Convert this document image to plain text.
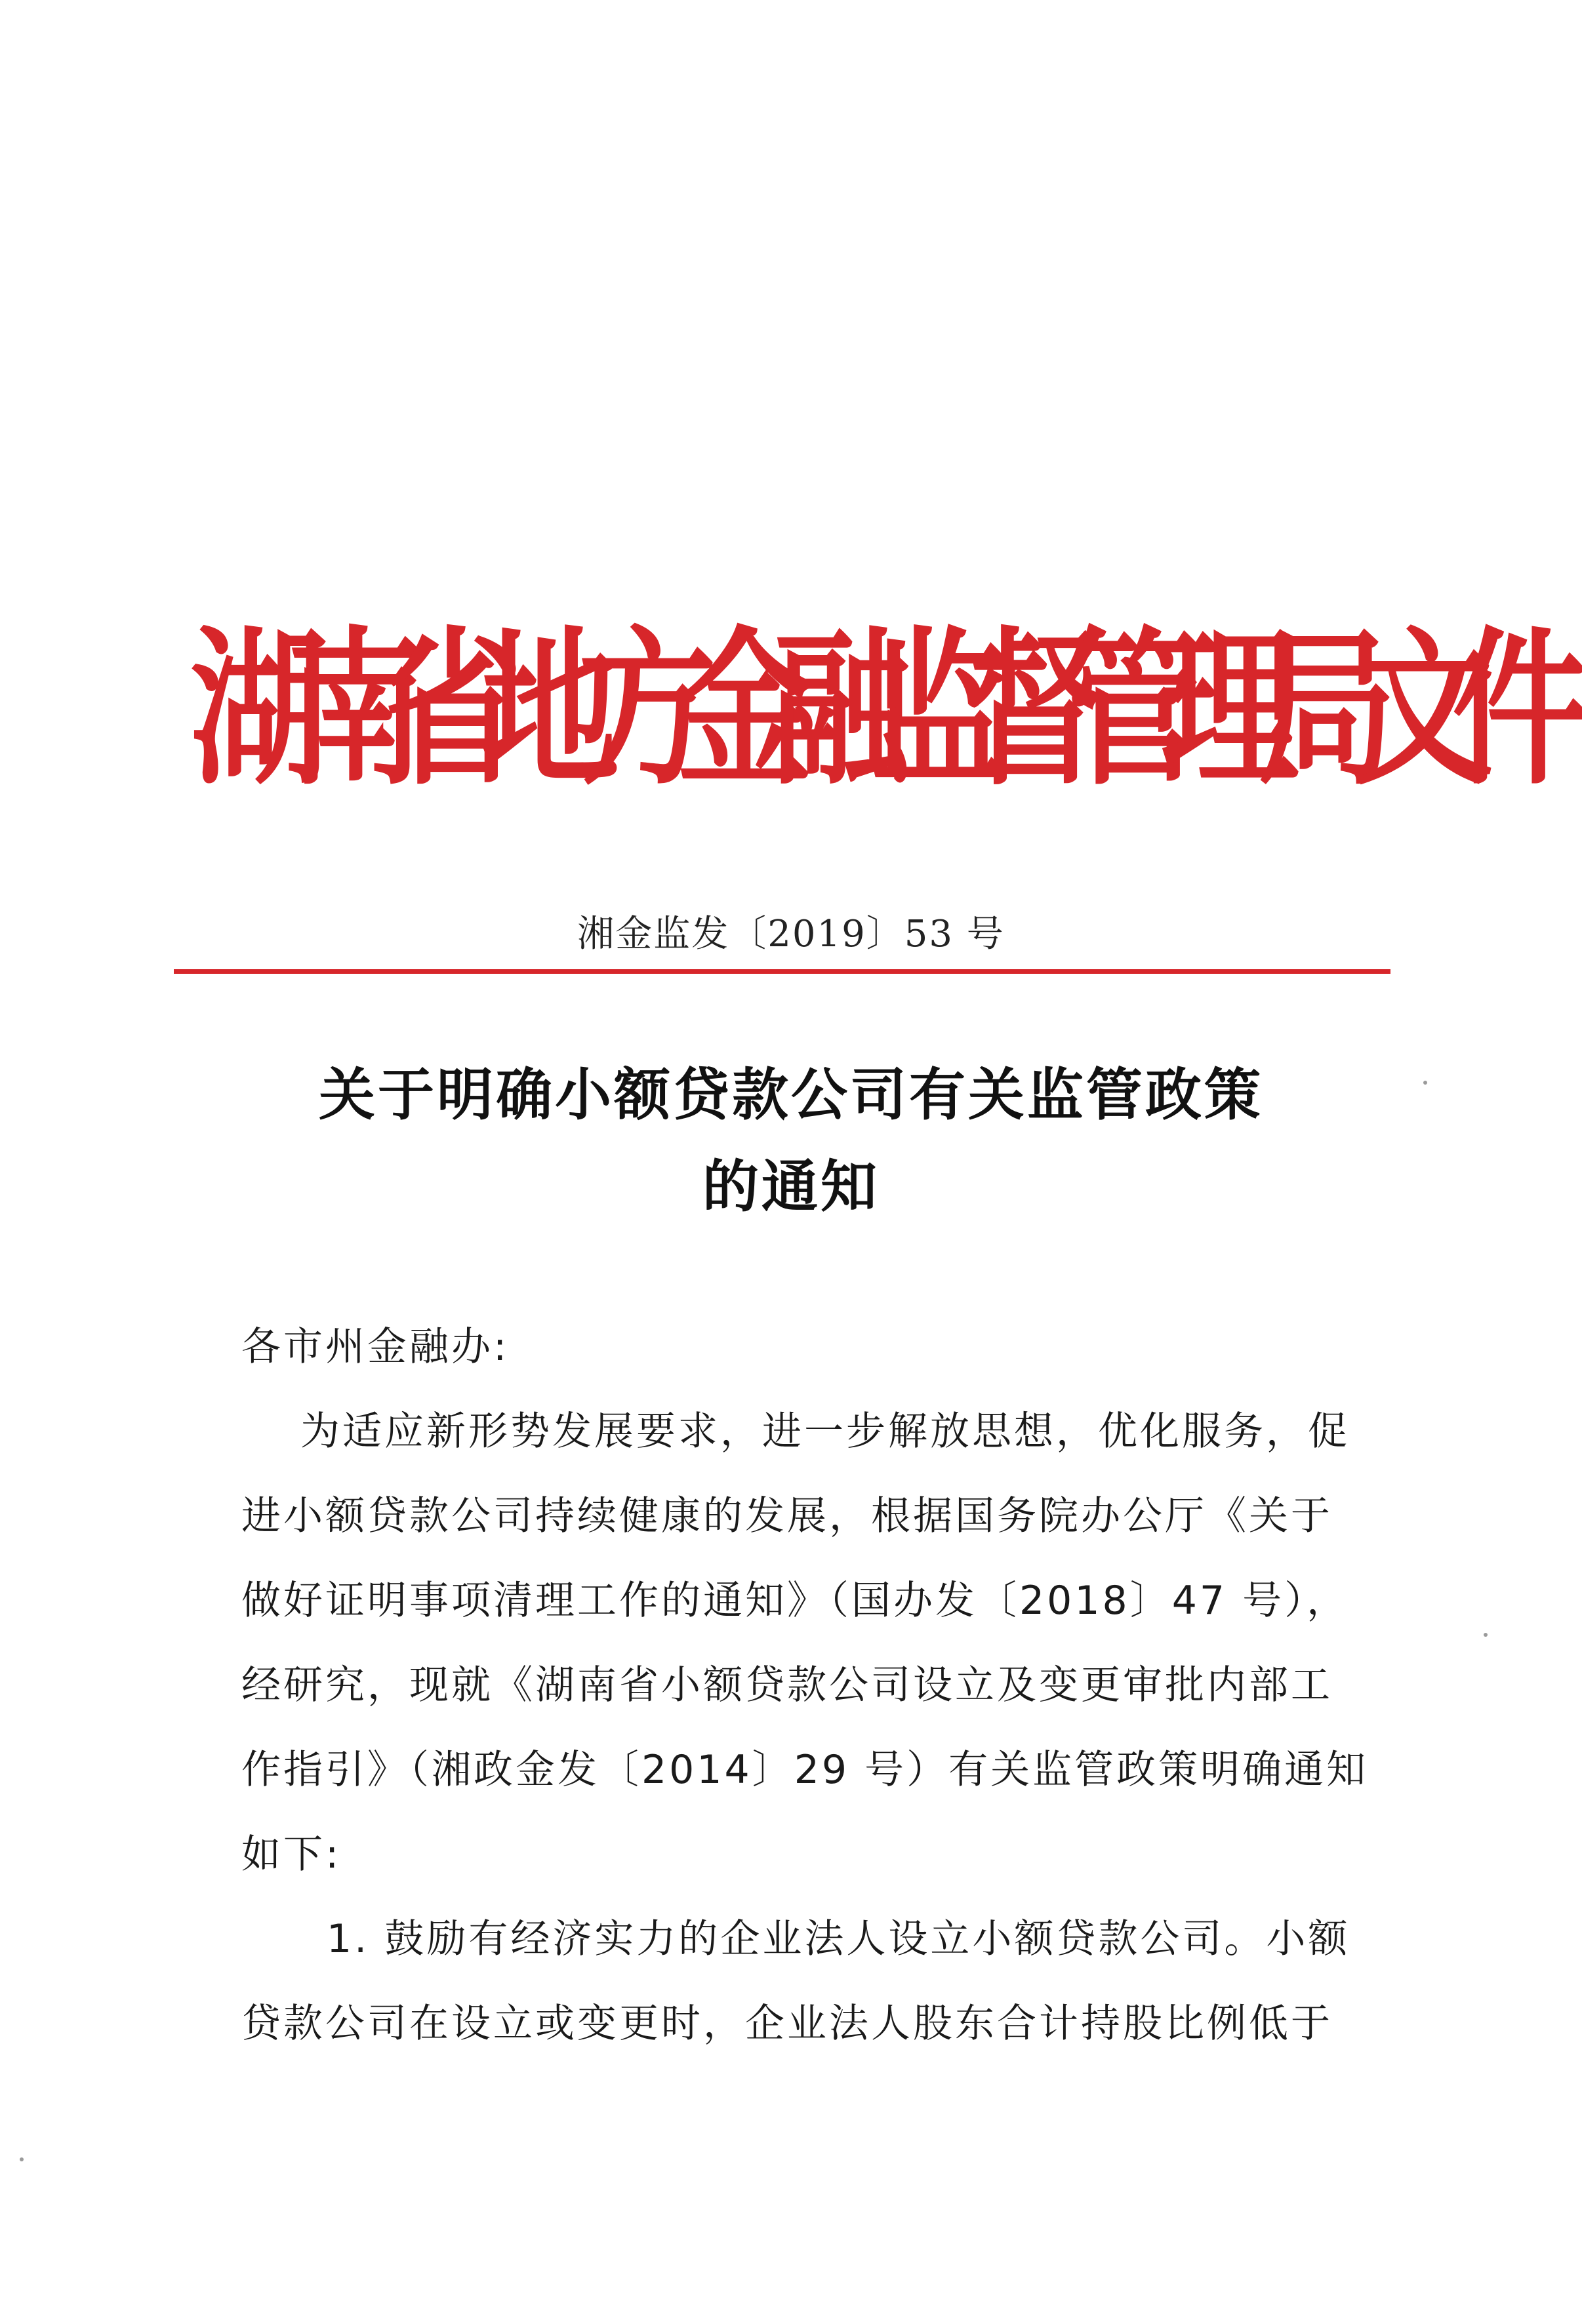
湖南省地方金融监督管理局文件
湘金监发〔2019〕53 号
关于明确小额贷款公司有关监管政策
的通知
各市州金融办:
为适应新形势发展要求，进一步解放思想，优化服务，促
进小额贷款公司持续健康的发展，根据国务院办公厅《关于
做好证明事项清理工作的通知》（国办发〔2018〕47 号），
经研究，现就《湖南省小额贷款公司设立及变更审批内部工
作指引》（湘政金发〔2014〕29 号）有关监管政策明确通知
如下:
1. 鼓励有经济实力的企业法人设立小额贷款公司。小额
贷款公司在设立或变更时，企业法人股东合计持股比例低于
